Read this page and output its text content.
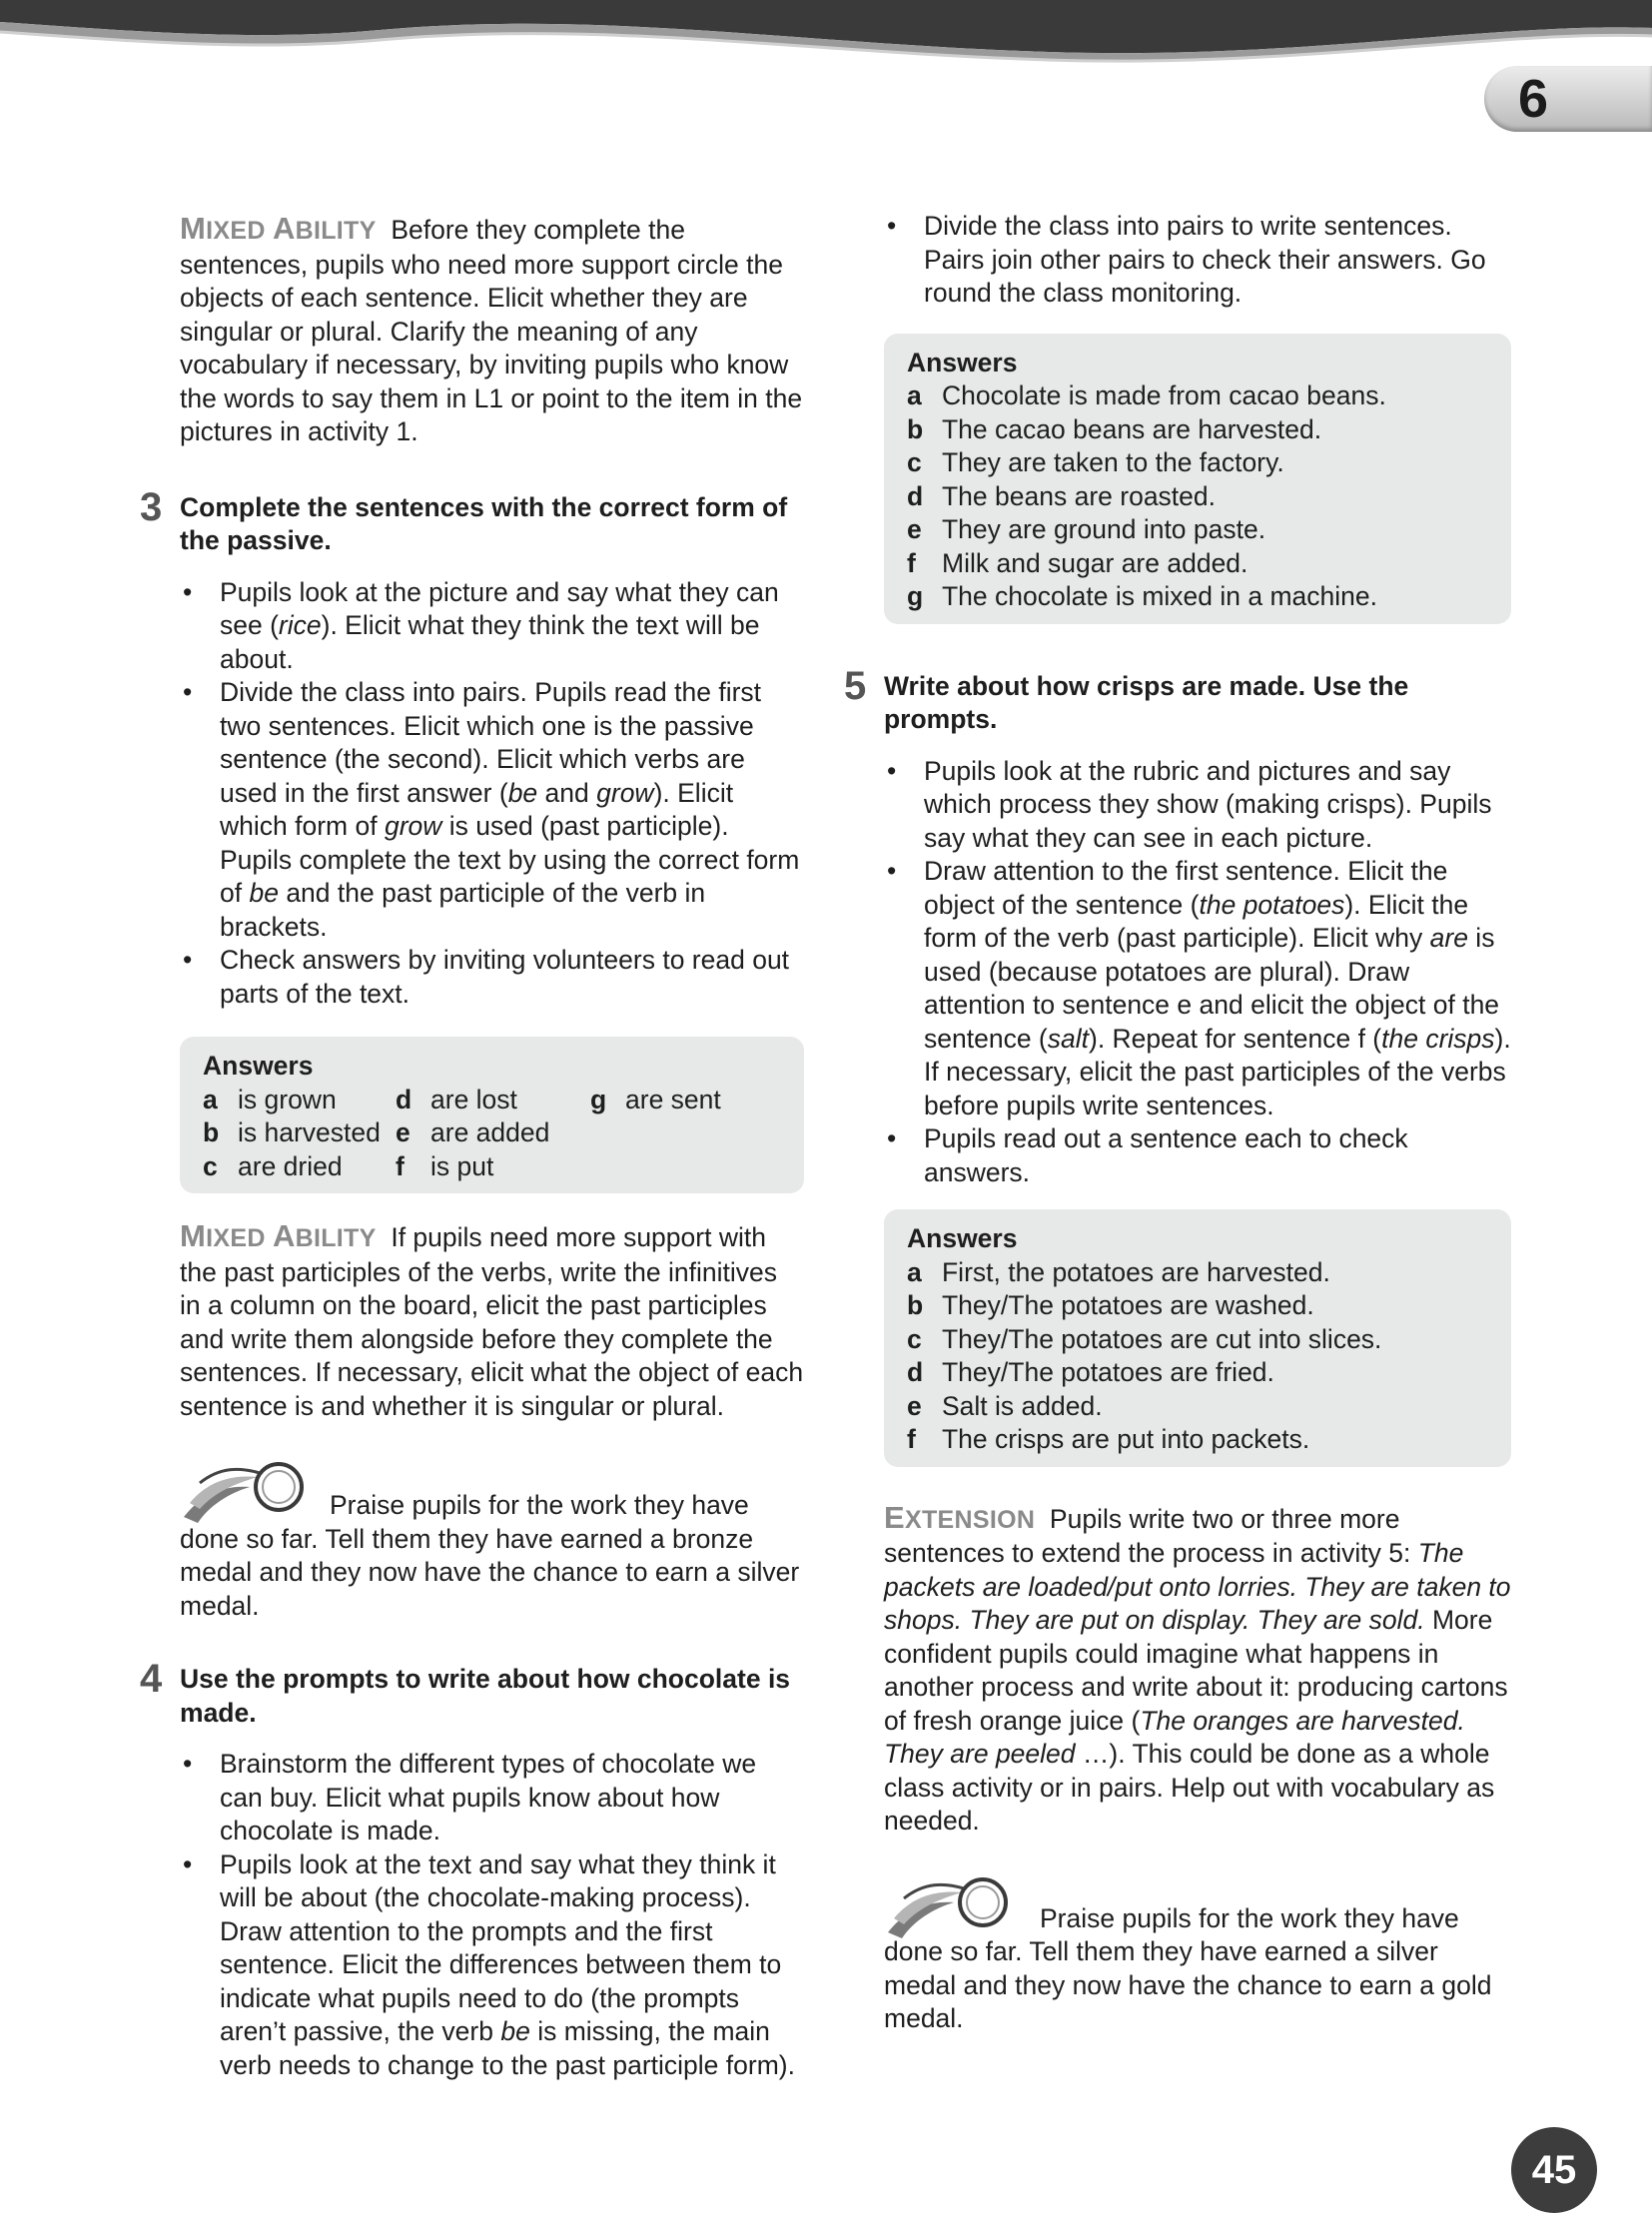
6

MIXED ABILITY Before they complete the sentences, pupils who need more support circle the objects of each sentence. Elicit whether they are singular or plural. Clarify the meaning of any vocabulary if necessary, by inviting pupils who know the words to say them in L1 or point to the item in the pictures in activity 1.

3 Complete the sentences with the correct form of the passive.

• Pupils look at the picture and say what they can see (rice). Elicit what they think the text will be about.
• Divide the class into pairs. Pupils read the first two sentences. Elicit which one is the passive sentence (the second). Elicit which verbs are used in the first answer (be and grow). Elicit which form of grow is used (past participle). Pupils complete the text by using the correct form of be and the past participle of the verb in brackets.
• Check answers by inviting volunteers to read out parts of the text.
Answers
a is grown d are lost	g are sent
b is harvested e are added
c are dried f is put

MIXED ABILITY If pupils need more support with the past participles of the verbs, write the infinitives in a column on the board, elicit the past participles and write them alongside before they complete the sentences. If necessary, elicit what the object of each sentence is and whether it is singular or plural.

Praise pupils for the work they have done so far. Tell them they have earned a bronze medal and they now have the chance to earn a silver medal.

4 Use the prompts to write about how chocolate is made.

• Brainstorm the different types of chocolate we can buy. Elicit what pupils know about how chocolate is made.
• Pupils look at the text and say what they think it will be about (the chocolate-making process). Draw attention to the prompts and the first sentence. Elicit the differences between them to indicate what pupils need to do (the prompts aren’t passive, the verb be is missing, the main verb needs to change to the past participle form).
• Divide the class into pairs to write sentences. Pairs join other pairs to check their answers. Go round the class monitoring.
Answers
a Chocolate is made from cacao beans.
b The cacao beans are harvested.
c They are taken to the factory.
d The beans are roasted.
e They are ground into paste.
f Milk and sugar are added.
g The chocolate is mixed in a machine.

5 Write about how crisps are made. Use the prompts.

• Pupils look at the rubric and pictures and say which process they show (making crisps). Pupils say what they can see in each picture.
• Draw attention to the first sentence. Elicit the object of the sentence (the potatoes). Elicit the form of the verb (past participle). Elicit why are is used (because potatoes are plural). Draw attention to sentence e and elicit the object of the sentence (salt). Repeat for sentence f (the crisps). If necessary, elicit the past participles of the verbs before pupils write sentences.
• Pupils read out a sentence each to check answers.
Answers
a First, the potatoes are harvested.
b They/The potatoes are washed.
c They/The potatoes are cut into slices.
d They/The potatoes are fried.
e Salt is added.
f The crisps are put into packets.

EXTENSION Pupils write two or three more sentences to extend the process in activity 5: The packets are loaded/put onto lorries. They are taken to shops. They are put on display. They are sold. More confident pupils could imagine what happens in another process and write about it: producing cartons of fresh orange juice (The oranges are harvested. They are peeled …). This could be done as a whole class activity or in pairs. Help out with vocabulary as needed.

Praise pupils for the work they have done so far. Tell them they have earned a silver medal and they now have the chance to earn a gold medal.

45
